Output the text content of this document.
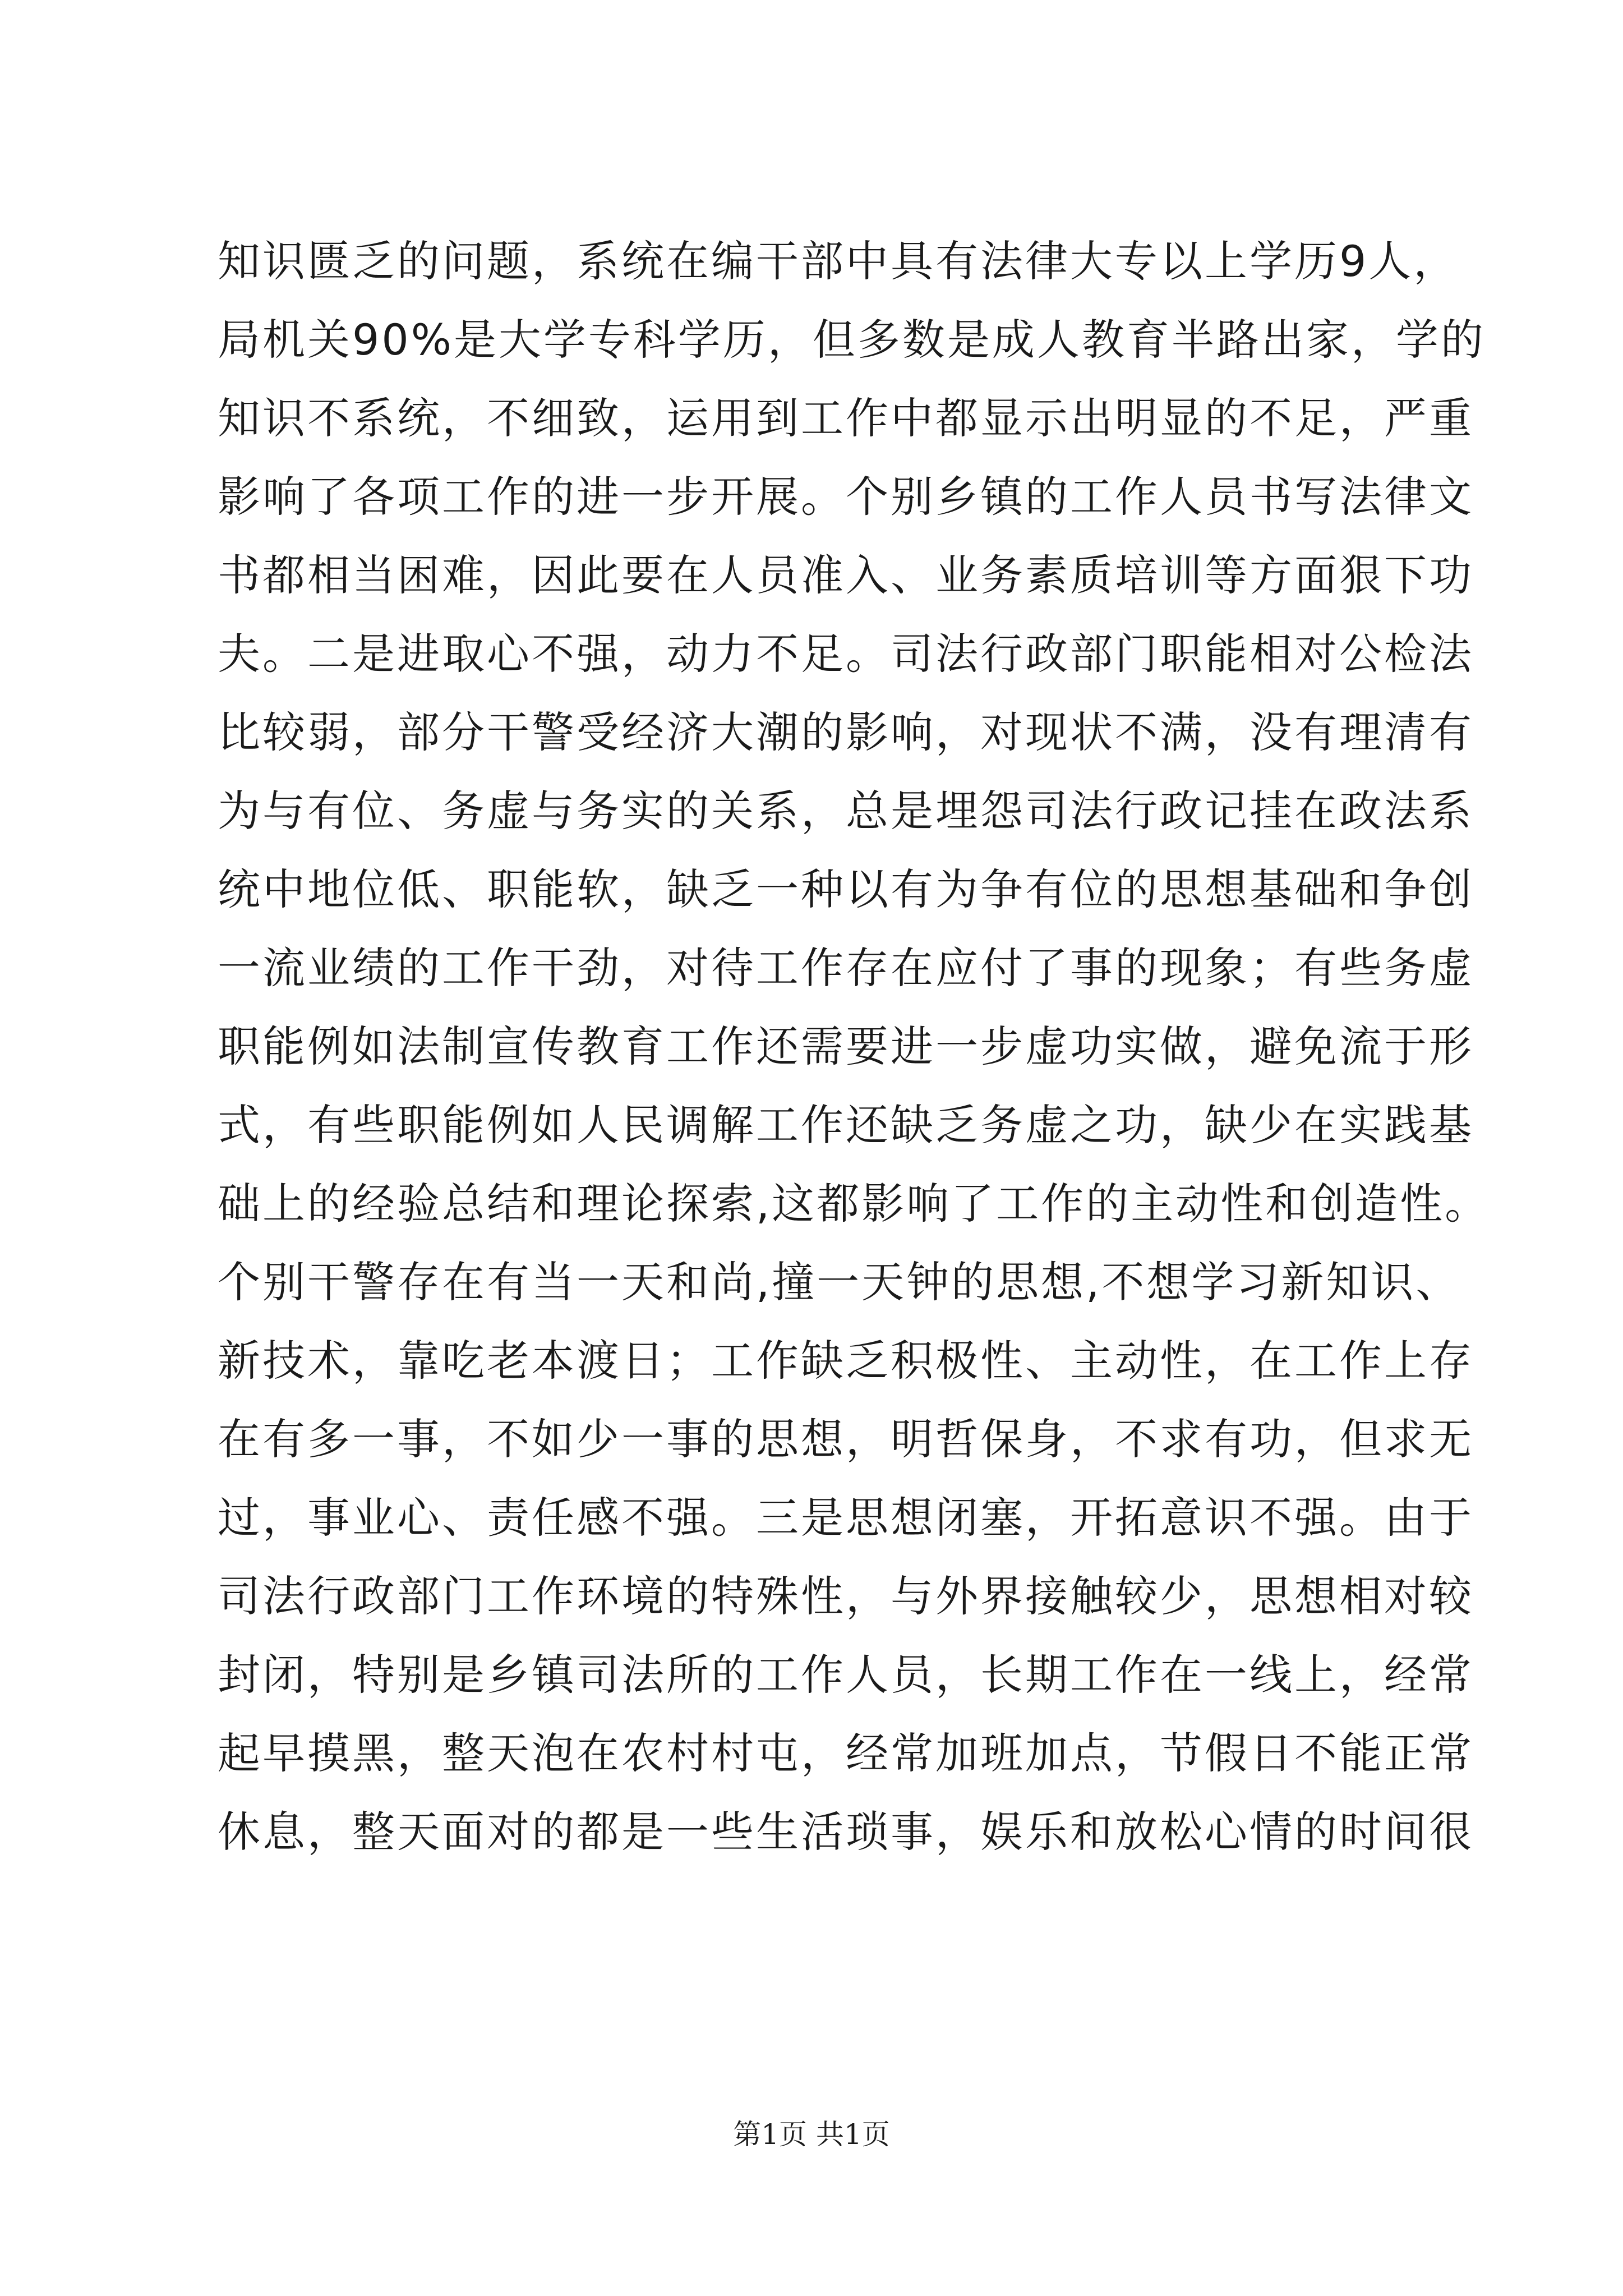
知识匮乏的问题，系统在编干部中具有法律大专以上学历9人，
局机关90%是大学专科学历，但多数是成人教育半路出家，学的
知识不系统，不细致，运用到工作中都显示出明显的不足，严重
影响了各项工作的进一步开展。个别乡镇的工作人员书写法律文
书都相当困难，因此要在人员准入、业务素质培训等方面狠下功
夫。二是进取心不强，动力不足。司法行政部门职能相对公检法
比较弱，部分干警受经济大潮的影响，对现状不满，没有理清有
为与有位、务虚与务实的关系，总是埋怨司法行政记挂在政法系
统中地位低、职能软，缺乏一种以有为争有位的思想基础和争创
一流业绩的工作干劲，对待工作存在应付了事的现象；有些务虚
职能例如法制宣传教育工作还需要进一步虚功实做，避免流于形
式，有些职能例如人民调解工作还缺乏务虚之功，缺少在实践基
础上的经验总结和理论探索,这都影响了工作的主动性和创造性。
个别干警存在有当一天和尚,撞一天钟的思想,不想学习新知识、
新技术，靠吃老本渡日；工作缺乏积极性、主动性，在工作上存
在有多一事，不如少一事的思想，明哲保身，不求有功，但求无
过，事业心、责任感不强。三是思想闭塞，开拓意识不强。由于
司法行政部门工作环境的特殊性，与外界接触较少，思想相对较
封闭，特别是乡镇司法所的工作人员，长期工作在一线上，经常
起早摸黑，整天泡在农村村屯，经常加班加点，节假日不能正常
休息，整天面对的都是一些生活琐事，娱乐和放松心情的时间很
第1页 共1页
